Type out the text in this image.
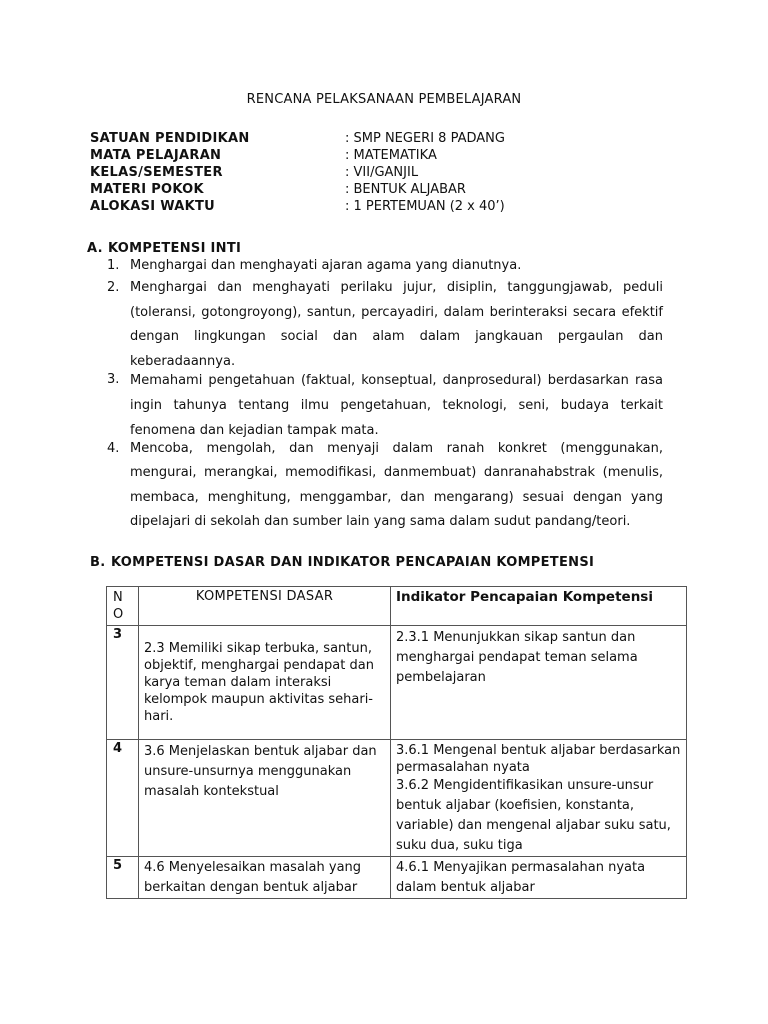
RENCANA PELAKSANAAN PEMBELAJARAN
SATUAN PENDIDIKAN	: SMP NEGERI 8 PADANG
MATA PELAJARAN	: MATEMATIKA
KELAS/SEMESTER	: VII/GANJIL
MATERI POKOK	: BENTUK ALJABAR
ALOKASI WAKTU	: 1 PERTEMUAN (2 x 40’)
A. KOMPETENSI INTI
1. Menghargai dan menghayati ajaran agama yang dianutnya.
2. Menghargai dan menghayati perilaku jujur, disiplin, tanggungjawab, peduli (toleransi, gotongroyong), santun, percayadiri, dalam berinteraksi secara efektif dengan lingkungan social dan alam dalam jangkauan pergaulan dan keberadaannya.
3. Memahami pengetahuan (faktual, konseptual, danprosedural) berdasarkan rasa ingin tahunya tentang ilmu pengetahuan, teknologi, seni, budaya terkait fenomena dan kejadian tampak mata.
4. Mencoba, mengolah, dan menyaji dalam ranah konkret (menggunakan, mengurai, merangkai, memodifikasi, danmembuat) danranahabstrak (menulis, membaca, menghitung, menggambar, dan mengarang) sesuai dengan yang dipelajari di sekolah dan sumber lain yang sama dalam sudut pandang/teori.
B. KOMPETENSI DASAR DAN INDIKATOR PENCAPAIAN KOMPETENSI
N O	KOMPETENSI DASAR	Indikator Pencapaian Kompetensi
3	2.3 Memiliki sikap terbuka, santun, objektif, menghargai pendapat dan karya teman dalam interaksi kelompok maupun aktivitas sehari-hari.	2.3.1 Menunjukkan sikap santun dan menghargai pendapat teman selama pembelajaran

4	3.6 Menjelaskan bentuk aljabar dan unsure-unsurnya menggunakan masalah kontekstual	3.6.1 Mengenal bentuk aljabar berdasarkan permasalahan nyata
3.6.2 Mengidentifikasikan unsure-unsur bentuk aljabar (koefisien, konstanta, variable) dan mengenal aljabar suku satu, suku dua, suku tiga

5	4.6 Menyelesaikan masalah yang berkaitan dengan bentuk aljabar	4.6.1 Menyajikan permasalahan nyata dalam bentuk aljabar
